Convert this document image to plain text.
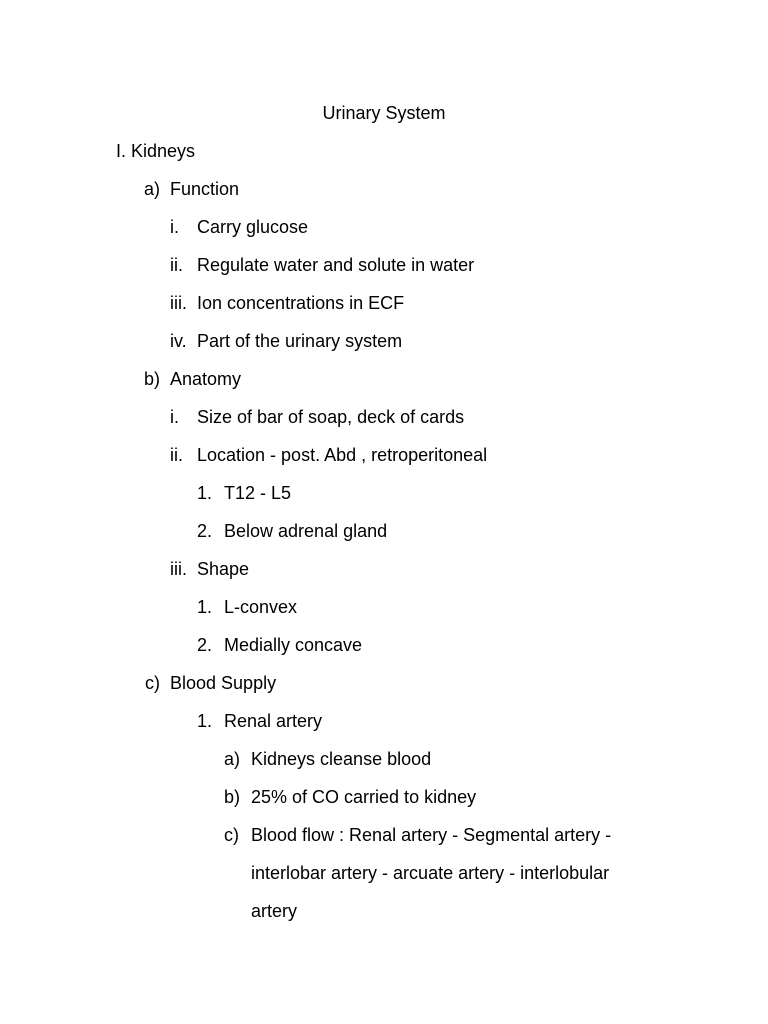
Urinary System
I. Kidneys
a) Function
i. Carry glucose
ii. Regulate water and solute in water
iii. Ion concentrations in ECF
iv. Part of the urinary system
b) Anatomy
i.	Size of bar of soap, deck of cards
ii. Location - post. Abd , retroperitoneal
1. T12 - L5
2. Below adrenal gland
iii. Shape
1. L-convex
2. Medially concave
c) Blood Supply
1. Renal artery
a) Kidneys cleanse blood
b) 25% of CO carried to kidney
c) Blood flow : Renal artery - Segmental artery -
interlobar artery - arcuate artery - interlobular
artery
